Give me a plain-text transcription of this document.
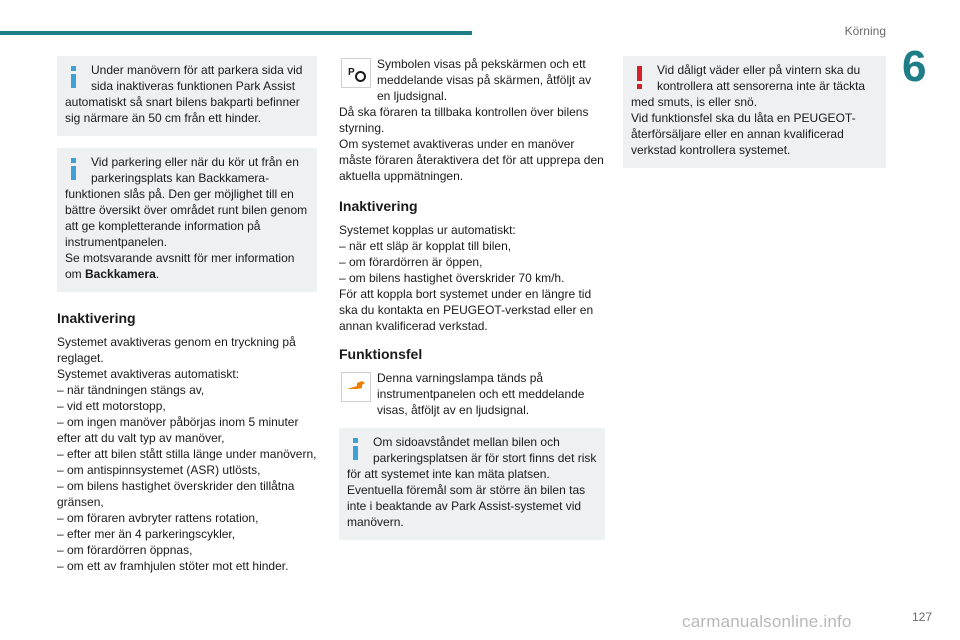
Körning
6
Under manövern för att parkera sida vid sida inaktiveras funktionen Park Assist automatiskt så snart bilens bakparti befinner sig närmare än 50 cm från ett hinder.
Vid parkering eller när du kör ut från en parkeringsplats kan Backkamera-funktionen slås på. Den ger möjlighet till en bättre översikt över området runt bilen genom att ge kompletterande information på instrumentpanelen.
Se motsvarande avsnitt för mer information om Backkamera.
Inaktivering
Systemet avaktiveras genom en tryckning på reglaget.
Systemet avaktiveras automatiskt:
– när tändningen stängs av,
– vid ett motorstopp,
– om ingen manöver påbörjas inom 5 minuter efter att du valt typ av manöver,
– efter att bilen stått stilla länge under manövern,
– om antispinnsystemet (ASR) utlösts,
– om bilens hastighet överskrider den tillåtna gränsen,
– om föraren avbryter rattens rotation,
– efter mer än 4 parkeringscykler,
– om förardörren öppnas,
– om ett av framhjulen stöter mot ett hinder.
P
Symbolen visas på pekskärmen och ett meddelande visas på skärmen, åtföljt av en ljudsignal.
Då ska föraren ta tillbaka kontrollen över bilens styrning.
Om systemet avaktiveras under en manöver måste föraren återaktivera det för att upprepa den aktuella uppmätningen.
Inaktivering
Systemet kopplas ur automatiskt:
– när ett släp är kopplat till bilen,
– om förardörren är öppen,
– om bilens hastighet överskrider 70 km/h.
För att koppla bort systemet under en längre tid ska du kontakta en PEUGEOT-verkstad eller en annan kvalificerad verkstad.
Funktionsfel
Denna varningslampa tänds på instrumentpanelen och ett meddelande visas, åtföljt av en ljudsignal.
Om sidoavståndet mellan bilen och parkeringsplatsen är för stort finns det risk för att systemet inte kan mäta platsen. Eventuella föremål som är större än bilen tas inte i beaktande av Park Assist-systemet vid manövern.
Vid dåligt väder eller på vintern ska du kontrollera att sensorerna inte är täckta med smuts, is eller snö.
Vid funktionsfel ska du låta en PEUGEOT-återförsäljare eller en annan kvalificerad verkstad kontrollera systemet.
carmanualsonline.info	127
